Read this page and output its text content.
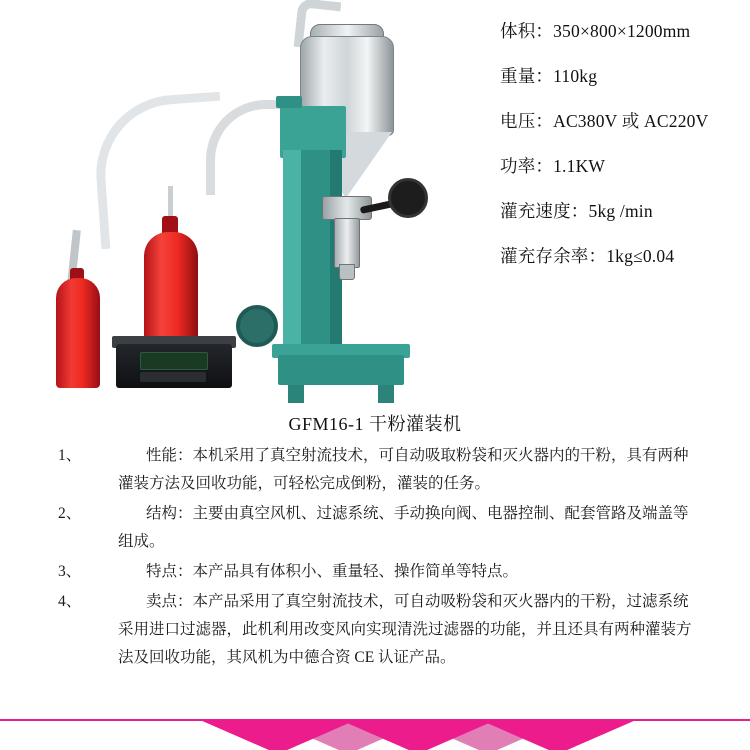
体积：350×800×1200mm
重量：110kg
电压：AC380V 或 AC220V
功率：1.1KW
灌充速度：5kg /min
灌充存余率：1kg≤0.04
GFM16-1 干粉灌装机
1、	性能：本机采用了真空射流技术，可自动吸取粉袋和灭火器内的干粉，具有两种灌装方法及回收功能，可轻松完成倒粉，灌装的任务。
2、	结构：主要由真空风机、过滤系统、手动换向阀、电器控制、配套管路及端盖等组成。
3、	特点：本产品具有体积小、重量轻、操作简单等特点。
4、	卖点：本产品采用了真空射流技术，可自动吸粉袋和灭火器内的干粉，过滤系统采用进口过滤器，此机利用改变风向实现清洗过滤器的功能，并且还具有两种灌装方法及回收功能，其风机为中德合资 CE 认证产品。
